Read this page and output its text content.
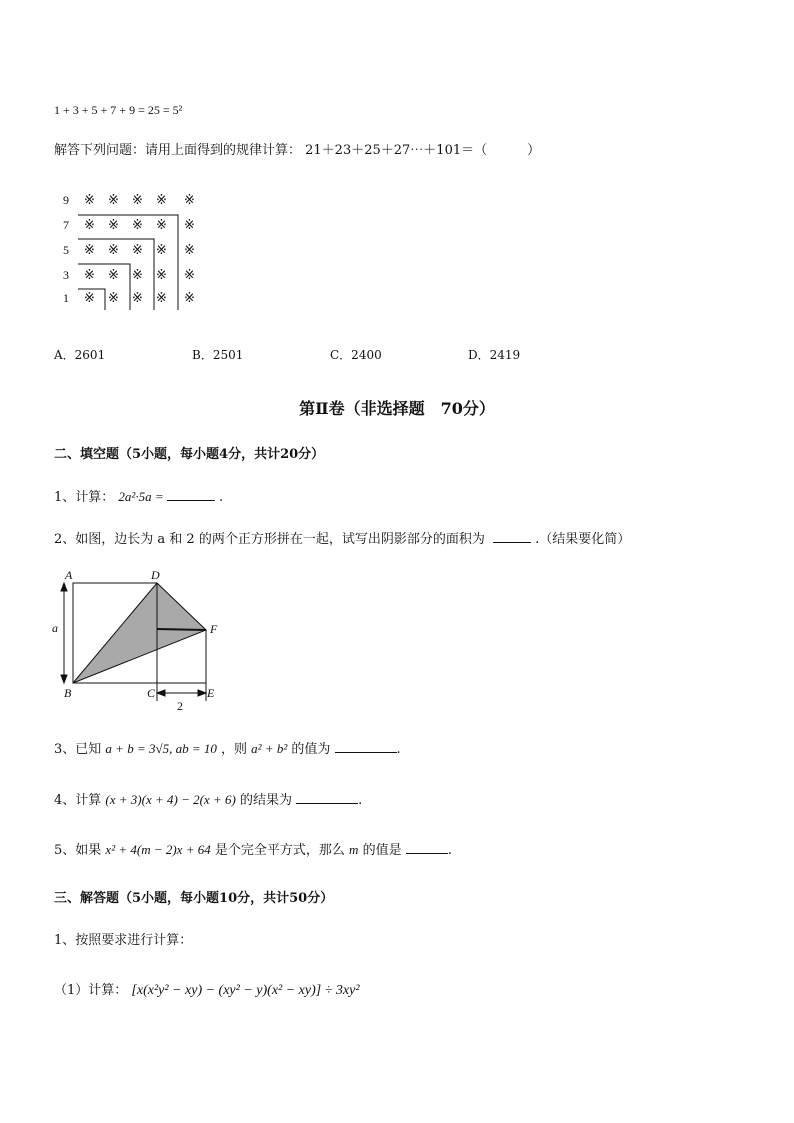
1 + 3 + 5 + 7 + 9 = 25 = 5²
解答下列问题：请用上面得到的规律计算： 21＋23＋25＋27⋯＋101＝（	）
9
7
5
3
1
※ ※ ※ ※ ※
※ ※ ※ ※ ※
※ ※ ※ ※ ※
※ ※ ※ ※ ※
※ ※ ※ ※ ※
A．2601	B．2501	C．2400	D．2419
第Ⅱ卷（非选择题　70分）
二、填空题（5小题，每小题4分，共计20分）
1、计算： 2a²·5a =	.
2、如图，边长为 a 和 2 的两个正方形拼在一起，试写出阴影部分的面积为	.（结果要化简）
A	D
F
B	C	E
a
2
3、已知 a + b = 3√5, ab = 10 ，则 a² + b² 的值为	.
4、计算 (x + 3)(x + 4) − 2(x + 6) 的结果为	.
5、如果 x² + 4(m − 2)x + 64 是个完全平方式，那么 m 的值是	.
三、解答题（5小题，每小题10分，共计50分）
1、按照要求进行计算：
（1）计算： [x(x²y² − xy) − (xy² − y)(x² − xy)] ÷ 3xy²
